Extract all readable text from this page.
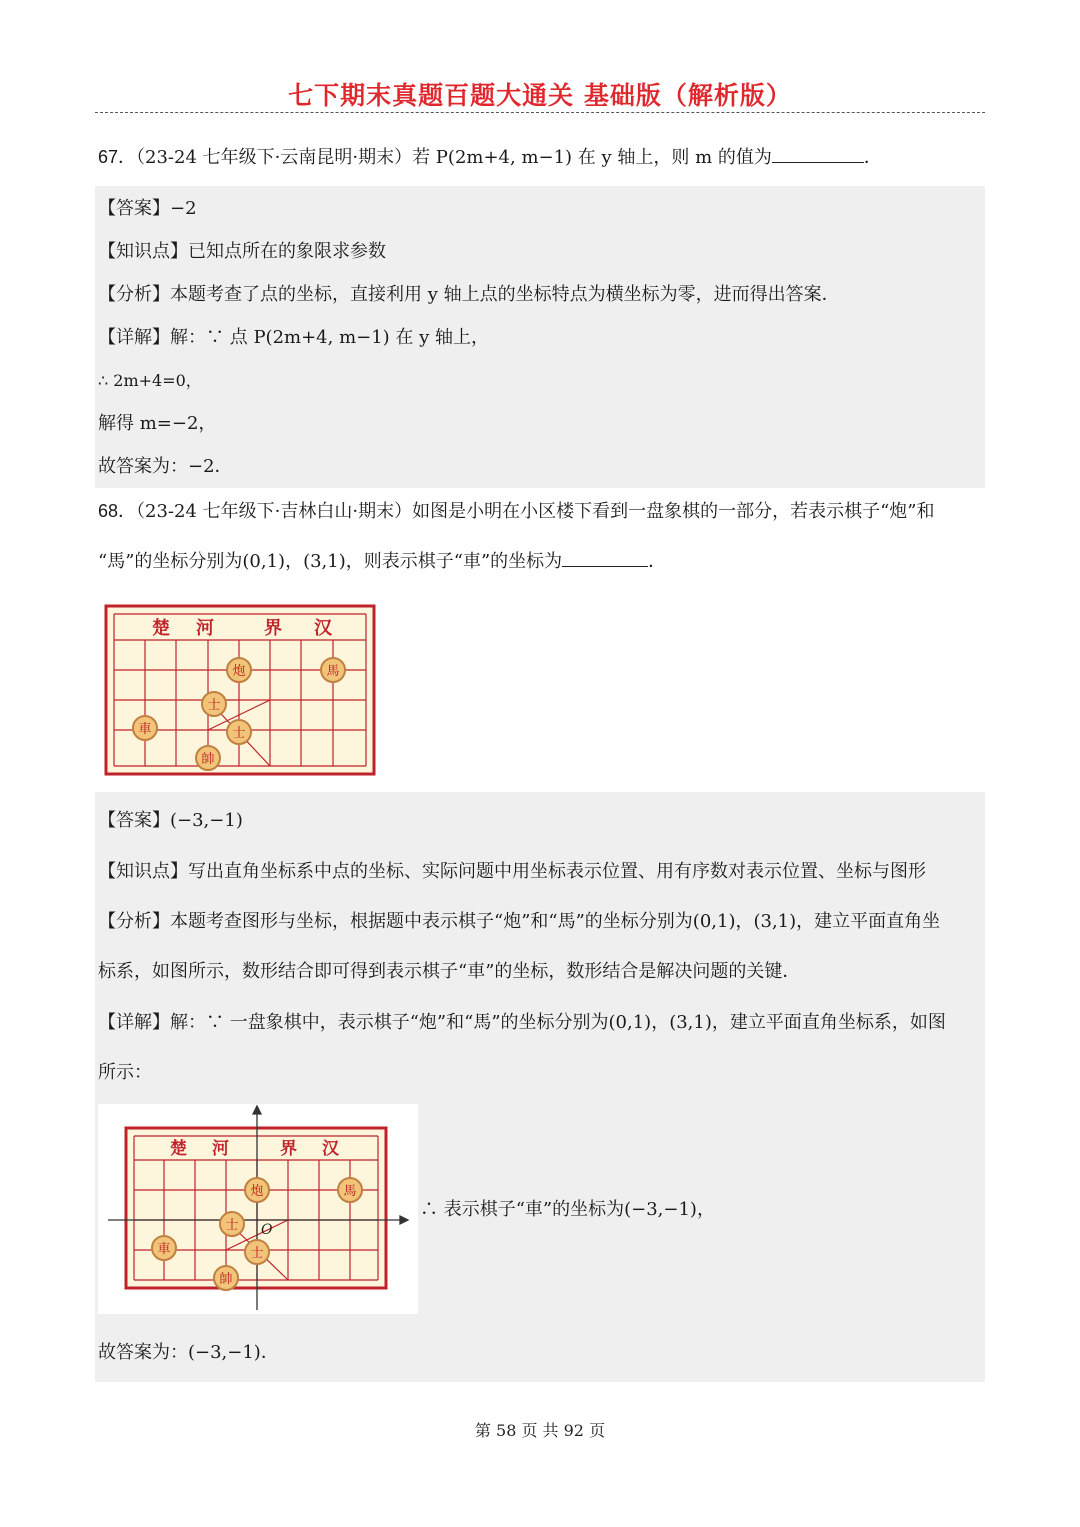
七下期末真题百题大通关 基础版（解析版）
67．（23-24 七年级下·云南昆明·期末）若 P(2m+4, m−1) 在 y 轴上，则 m 的值为	．
【答案】−2
【知识点】已知点所在的象限求参数
【分析】本题考查了点的坐标，直接利用 y 轴上点的坐标特点为横坐标为零，进而得出答案．
【详解】解：∵ 点 P(2m+4, m−1) 在 y 轴上，
∴ 2m+4=0，
解得 m=−2，
故答案为：−2．
68．（23-24 七年级下·吉林白山·期末）如图是小明在小区楼下看到一盘象棋的一部分，若表示棋子“炮”和
“馬”的坐标分别为(0,1)，(3,1)，则表示棋子“車”的坐标为	．
楚 河	界 汉
炮	馬
士
士
車
帥
【答案】(−3,−1)
【知识点】写出直角坐标系中点的坐标、实际问题中用坐标表示位置、用有序数对表示位置、坐标与图形
【分析】本题考查图形与坐标，根据题中表示棋子“炮”和“馬”的坐标分别为(0,1)，(3,1)，建立平面直角坐
标系，如图所示，数形结合即可得到表示棋子“車”的坐标，数形结合是解决问题的关键．
【详解】解：∵ 一盘象棋中，表示棋子“炮”和“馬”的坐标分别为(0,1)，(3,1)，建立平面直角坐标系，如图
所示：
∴ 表示棋子“車”的坐标为(−3,−1)，
故答案为：(−3,−1)．
楚 河	界 汉
O
炮	馬
士
士
車
帥
第 58 页 共 92 页
